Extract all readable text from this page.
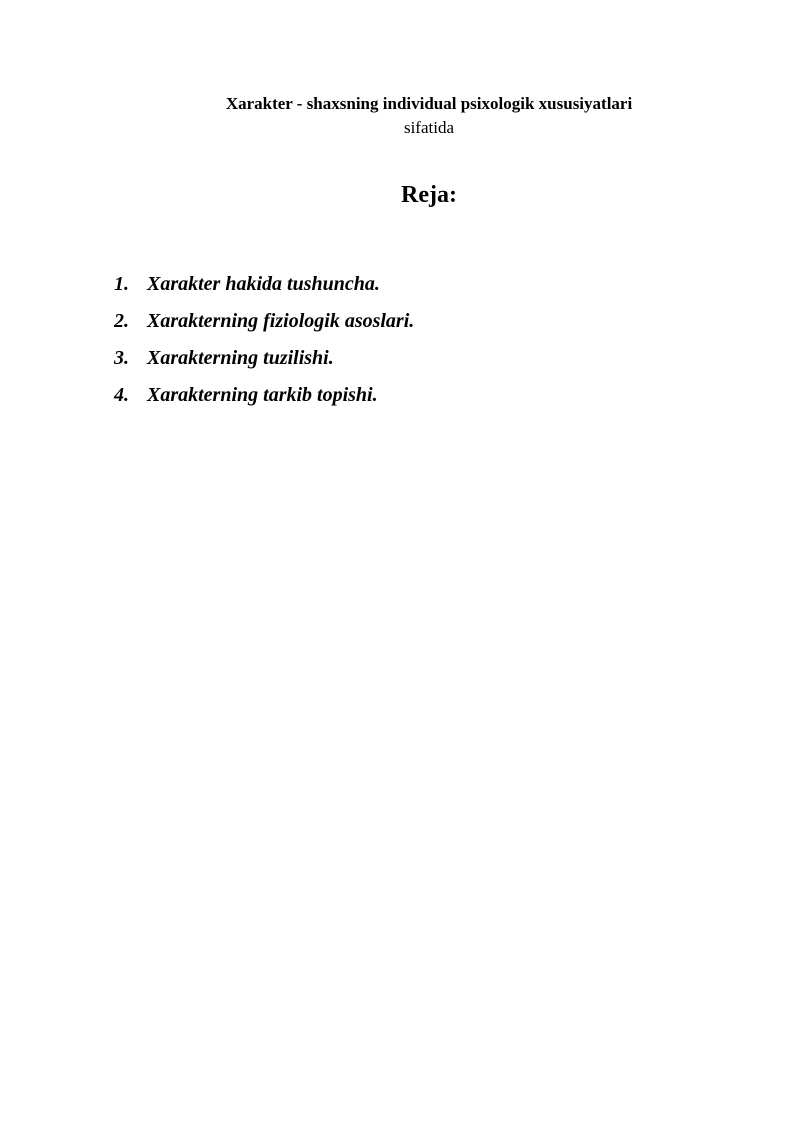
Xarakter - shaxsning individual psixologik xususiyatlari
sifatida
Reja:
1. Xarakter hakida tushuncha.
2. Xarakterning fiziologik asoslari.
3. Xarakterning tuzilishi.
4. Xarakterning tarkib topishi.
